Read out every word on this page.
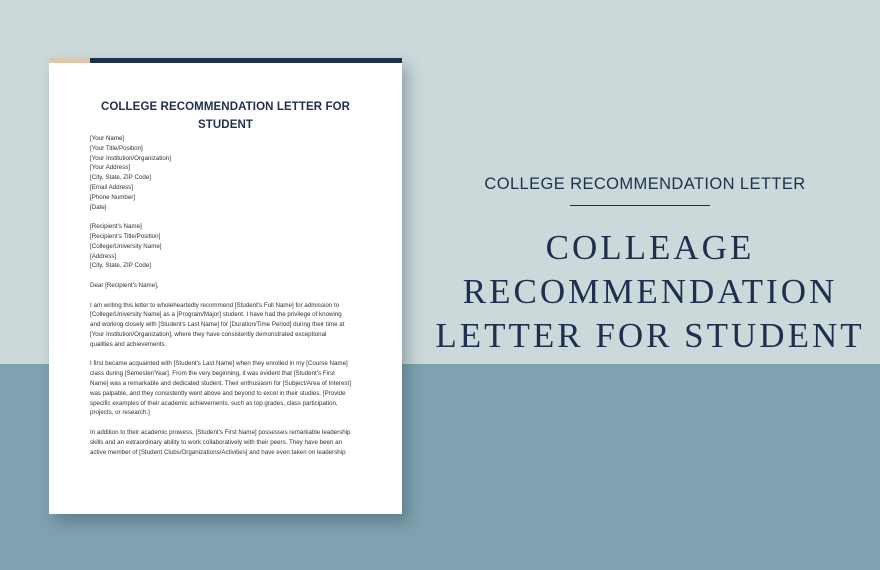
COLLEGE RECOMMENDATION LETTER FOR
STUDENT
[Your Name]
[Your Title/Position]
[Your Institution/Organization]
[Your Address]
[City, State, ZIP Code]
[Email Address]
[Phone Number]
[Date]
[Recipient's Name]
[Recipient's Title/Position]
[College/University Name]
[Address]
[City, State, ZIP Code]
Dear [Recipient's Name],
I am writing this letter to wholeheartedly recommend [Student's Full Name] for admission to
[College/University Name] as a [Program/Major] student. I have had the privilege of knowing
and working closely with [Student's Last Name] for [Duration/Time Period] during their time at
[Your Institution/Organization], where they have consistently demonstrated exceptional
qualities and achievements.
I first became acquainted with [Student's Last Name] when they enrolled in my [Course Name]
class during [Semester/Year]. From the very beginning, it was evident that [Student's First
Name] was a remarkable and dedicated student. Their enthusiasm for [Subject/Area of Interest]
was palpable, and they consistently went above and beyond to excel in their studies. [Provide
specific examples of their academic achievements, such as top grades, class participation,
projects, or research.]
In addition to their academic prowess, [Student's First Name] possesses remarkable leadership
skills and an extraordinary ability to work collaboratively with their peers. They have been an
active member of [Student Clubs/Organizations/Activities] and have even taken on leadership
COLLEGE RECOMMENDATION LETTER
COLLEAGE
RECOMMENDATION
LETTER FOR STUDENT
